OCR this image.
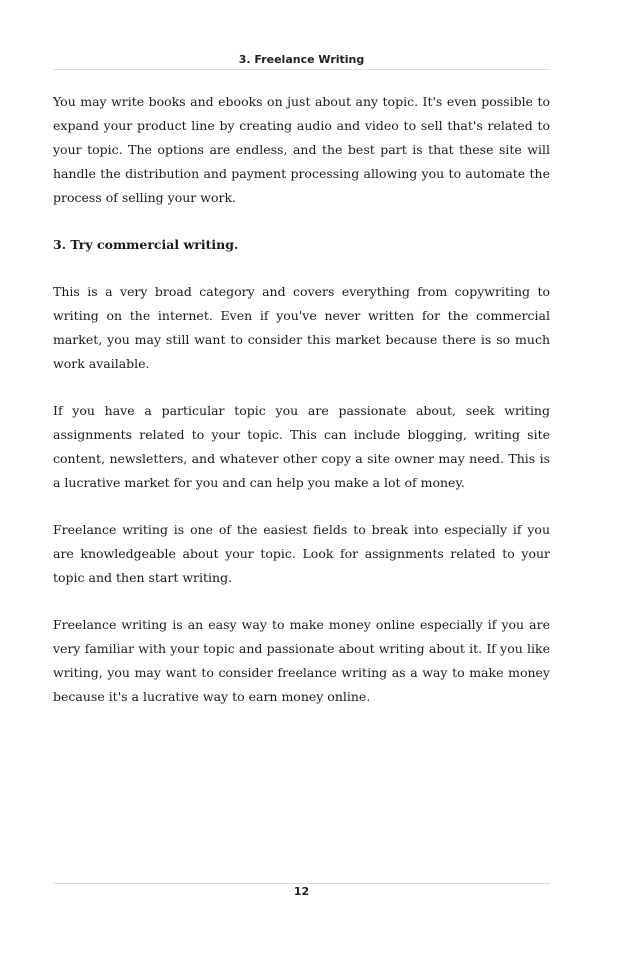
3. Freelance Writing

You may write books and ebooks on just about any topic. It's even possible to expand your product line by creating audio and video to sell that's related to your topic. The options are endless, and the best part is that these site will handle the distribution and payment processing allowing you to automate the process of selling your work.

3. Try commercial writing.

This is a very broad category and covers everything from copywriting to writing on the internet. Even if you've never written for the commercial market, you may still want to consider this market because there is so much work available.

If you have a particular topic you are passionate about, seek writing assignments related to your topic. This can include blogging, writing site content, newsletters, and whatever other copy a site owner may need. This is a lucrative market for you and can help you make a lot of money.

Freelance writing is one of the easiest fields to break into especially if you are knowledgeable about your topic. Look for assignments related to your topic and then start writing.

Freelance writing is an easy way to make money online especially if you are very familiar with your topic and passionate about writing about it. If you like writing, you may want to consider freelance writing as a way to make money because it's a lucrative way to earn money online.

12
